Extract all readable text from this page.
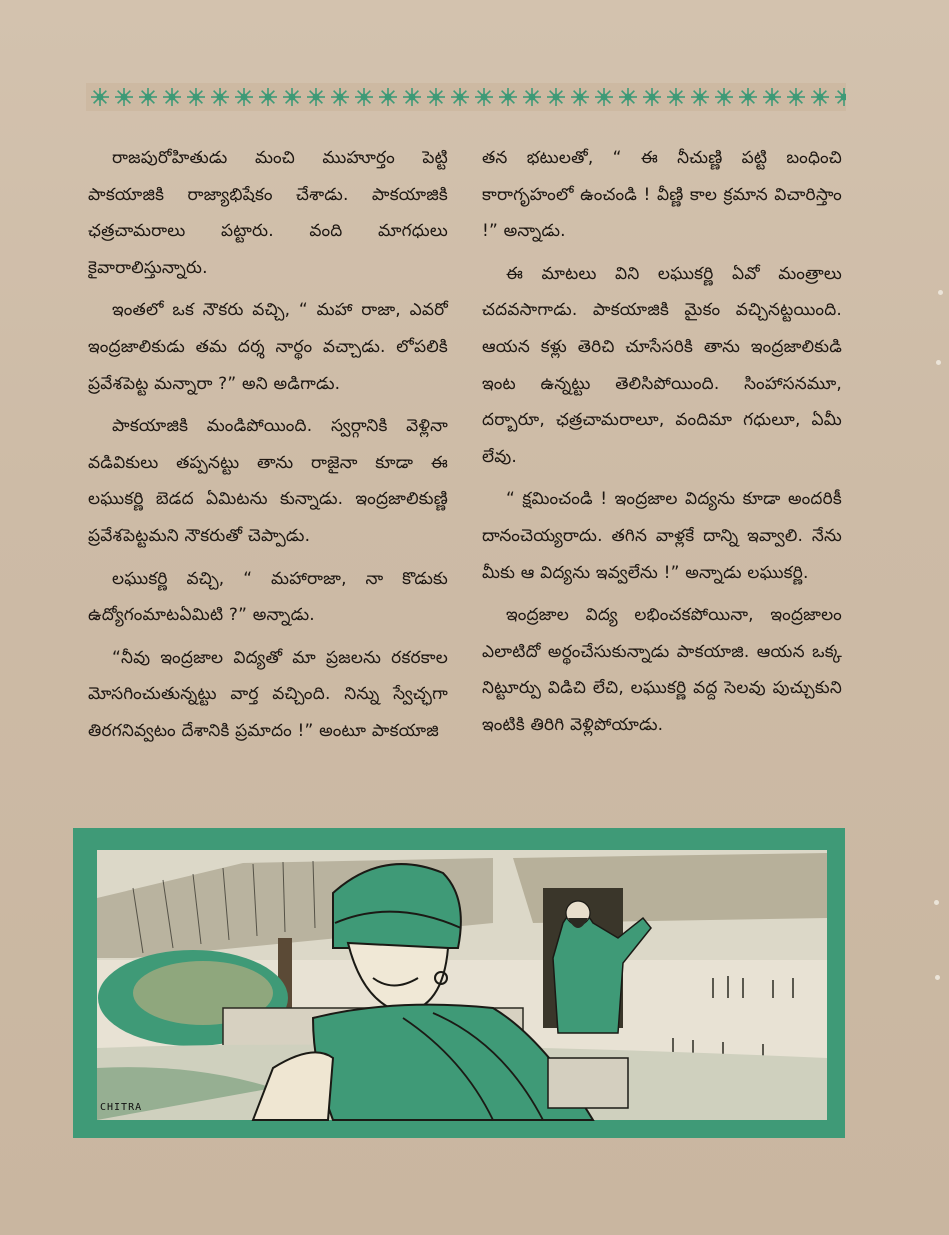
రాజపురోహితుడు మంచి ముహూర్తం పెట్టి పాకయాజికి రాజ్యాభిషేకం చేశాడు. పాకయాజికి ఛత్రచామరాలు పట్టారు. వంది మాగధులు కైవారాలిస్తున్నారు.

ఇంతలో ఒక నౌకరు వచ్చి, “ మహా రాజా, ఎవరో ఇంద్రజాలికుడు తమ దర్శ నార్థం వచ్చాడు. లోపలికి ప్రవేశపెట్ట మన్నారా ?” అని అడిగాడు.

పాకయాజికి మండిపోయింది. స్వర్గానికి వెళ్లినా వడివికులు తప్పనట్టు తాను రాజైనా కూడా ఈ లఘుకర్ణి బెడద ఏమిటను కున్నాడు. ఇంద్రజాలికుణ్ణి ప్రవేశపెట్టమని నౌకరుతో చెప్పాడు.

లఘుకర్ణి వచ్చి, “ మహారాజా, నా కొడుకు ఉద్యోగంమాటఏమిటి ?” అన్నాడు.

“నీవు ఇంద్రజాల విద్యతో మా ప్రజలను రకరకాల మోసగించుతున్నట్టు వార్త వచ్చింది. నిన్ను స్వేచ్ఛగా తిరగనివ్వటం దేశానికి ప్రమాదం !” అంటూ పాకయాజి

తన భటులతో, “ ఈ నీచుణ్ణి పట్టి బంధించి కారాగృహంలో ఉంచండి ! వీణ్ణి కాల క్రమాన విచారిస్తాం !” అన్నాడు.

ఈ మాటలు విని లఘుకర్ణి ఏవో మంత్రాలు చదవసాగాడు. పాకయాజికి మైకం వచ్చినట్టయింది. ఆయన కళ్లు తెరిచి చూసేసరికి తాను ఇంద్రజాలికుడి ఇంట ఉన్నట్టు తెలిసిపోయింది. సింహాసనమూ, దర్బారూ, ఛత్రచామరాలూ, వందిమా గధులూ, ఏమీ లేవు.

“ క్షమించండి ! ఇంద్రజాల విద్యను కూడా అందరికీ దానంచెయ్యరాదు. తగిన వాళ్లకే దాన్ని ఇవ్వాలి. నేను మీకు ఆ విద్యను ఇవ్వలేను !” అన్నాడు లఘుకర్ణి.

ఇంద్రజాల విద్య లభించకపోయినా, ఇంద్రజాలం ఎలాటిదో అర్థంచేసుకున్నాడు పాకయాజి. ఆయన ఒక్క నిట్టూర్పు విడిచి లేచి, లఘుకర్ణి వద్ద సెలవు పుచ్చుకుని ఇంటికి తిరిగి వెళ్లిపోయాడు.

CHITRA
